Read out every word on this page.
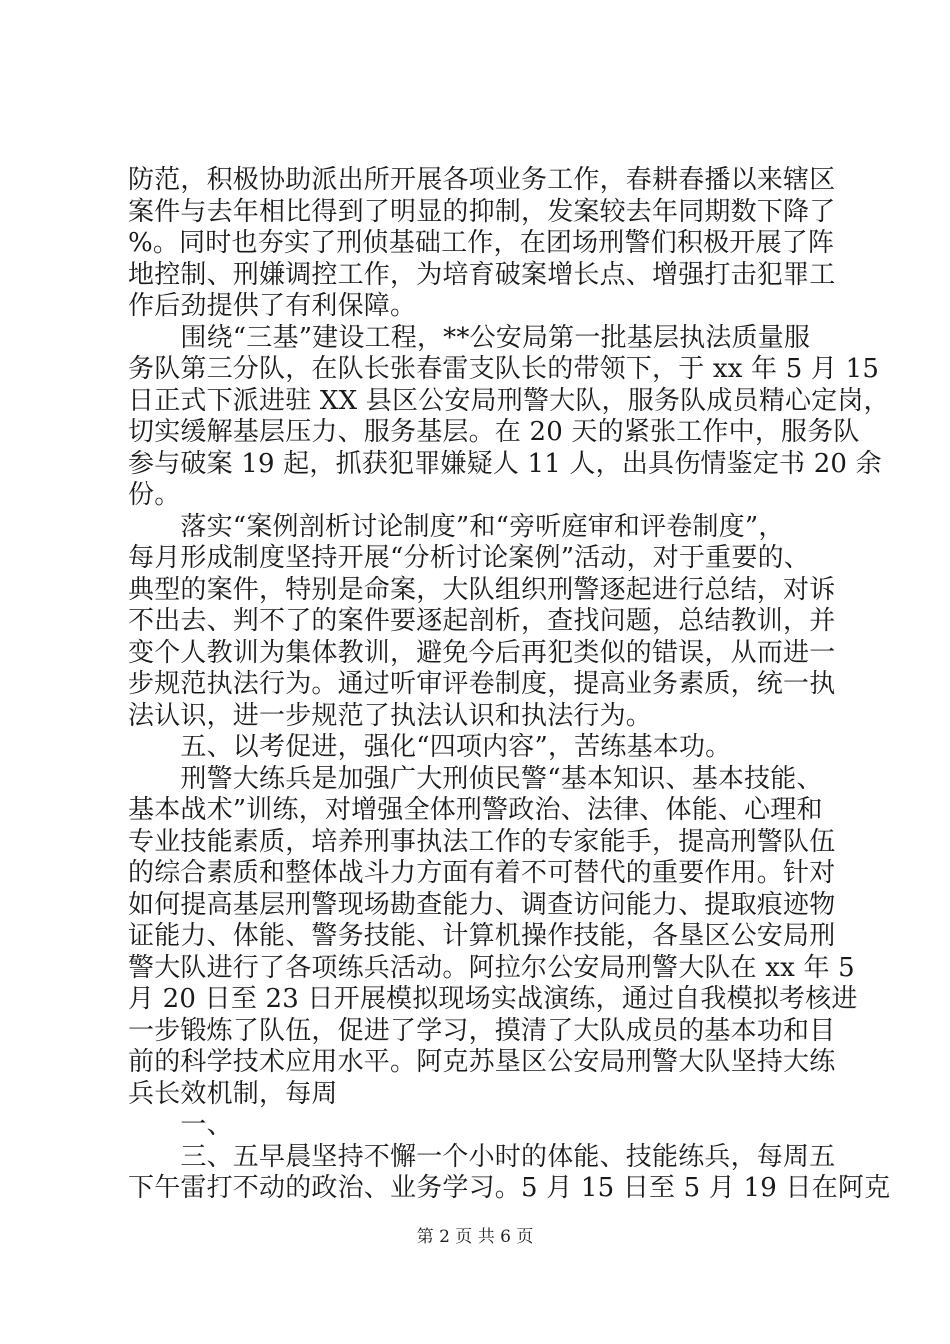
防范，积极协助派出所开展各项业务工作，春耕春播以来辖区
案件与去年相比得到了明显的抑制，发案较去年同期数下降了
%。同时也夯实了刑侦基础工作，在团场刑警们积极开展了阵
地控制、刑嫌调控工作，为培育破案增长点、增强打击犯罪工
作后劲提供了有利保障。
　　围绕“三基”建设工程，**公安局第一批基层执法质量服
务队第三分队，在队长张春雷支队长的带领下，于 xx 年 5 月 15
日正式下派进驻 XX 县区公安局刑警大队，服务队成员精心定岗，
切实缓解基层压力、服务基层。在 20 天的紧张工作中，服务队
参与破案 19 起，抓获犯罪嫌疑人 11 人，出具伤情鉴定书 20 余
份。
　　落实“案例剖析讨论制度”和“旁听庭审和评卷制度”，
每月形成制度坚持开展“分析讨论案例”活动，对于重要的、
典型的案件，特别是命案，大队组织刑警逐起进行总结，对诉
不出去、判不了的案件要逐起剖析，查找问题，总结教训，并
变个人教训为集体教训，避免今后再犯类似的错误，从而进一
步规范执法行为。通过听审评卷制度，提高业务素质，统一执
法认识，进一步规范了执法认识和执法行为。
　　五、以考促进，强化“四项内容”，苦练基本功。
　　刑警大练兵是加强广大刑侦民警“基本知识、基本技能、
基本战术”训练，对增强全体刑警政治、法律、体能、心理和
专业技能素质，培养刑事执法工作的专家能手，提高刑警队伍
的综合素质和整体战斗力方面有着不可替代的重要作用。针对
如何提高基层刑警现场勘查能力、调查访问能力、提取痕迹物
证能力、体能、警务技能、计算机操作技能，各垦区公安局刑
警大队进行了各项练兵活动。阿拉尔公安局刑警大队在 xx 年 5
月 20 日至 23 日开展模拟现场实战演练，通过自我模拟考核进
一步锻炼了队伍，促进了学习，摸清了大队成员的基本功和目
前的科学技术应用水平。阿克苏垦区公安局刑警大队坚持大练
兵长效机制，每周
　　一、
　　三、五早晨坚持不懈一个小时的体能、技能练兵，每周五
下午雷打不动的政治、业务学习。5 月 15 日至 5 月 19 日在阿克
第 2 页 共 6 页
